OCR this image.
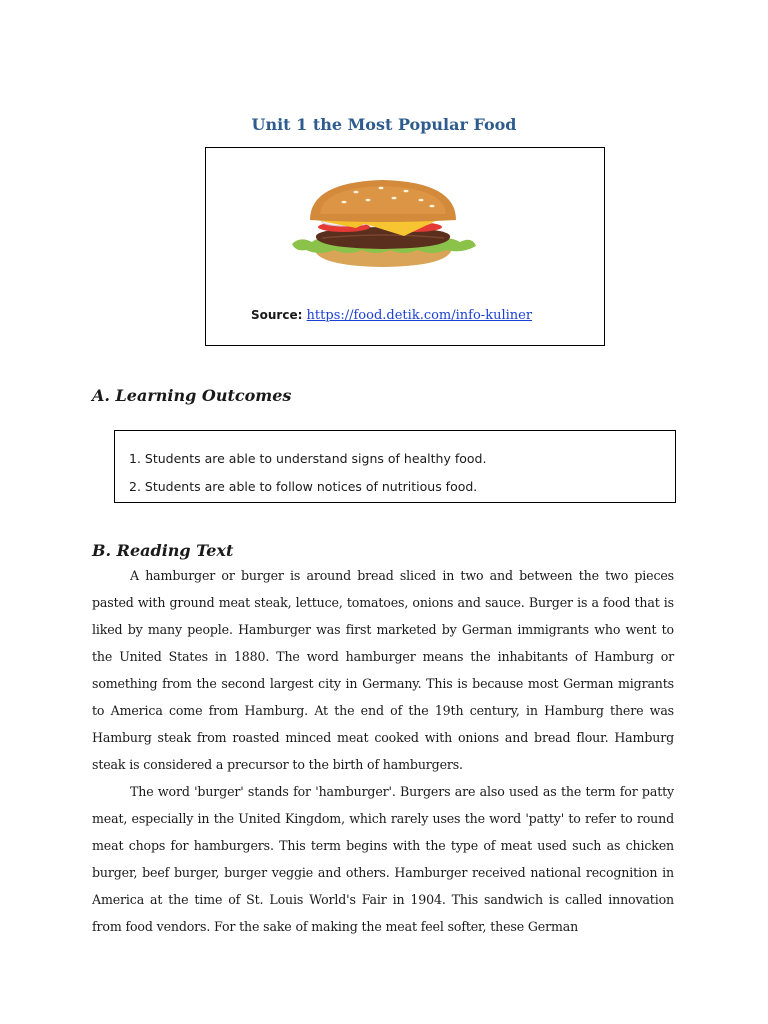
Unit 1 the Most Popular Food
Source: https://food.detik.com/info-kuliner
A. Learning Outcomes
1. Students are able to understand signs of healthy food.
2. Students are able to follow notices of nutritious food.
B. Reading Text

A hamburger or burger is around bread sliced in two and between the two pieces pasted with ground meat steak, lettuce, tomatoes, onions and sauce. Burger is a food that is liked by many people. Hamburger was first marketed by German immigrants who went to the United States in 1880. The word hamburger means the inhabitants of Hamburg or something from the second largest city in Germany. This is because most German migrants to America come from Hamburg. At the end of the 19th century, in Hamburg there was Hamburg steak from roasted minced meat cooked with onions and bread flour. Hamburg steak is considered a precursor to the birth of hamburgers.

The word 'burger' stands for 'hamburger'. Burgers are also used as the term for patty meat, especially in the United Kingdom, which rarely uses the word 'patty' to refer to round meat chops for hamburgers. This term begins with the type of meat used such as chicken burger, beef burger, burger veggie and others. Hamburger received national recognition in America at the time of St. Louis World's Fair in 1904. This sandwich is called innovation from food vendors. For the sake of making the meat feel softer, these German
